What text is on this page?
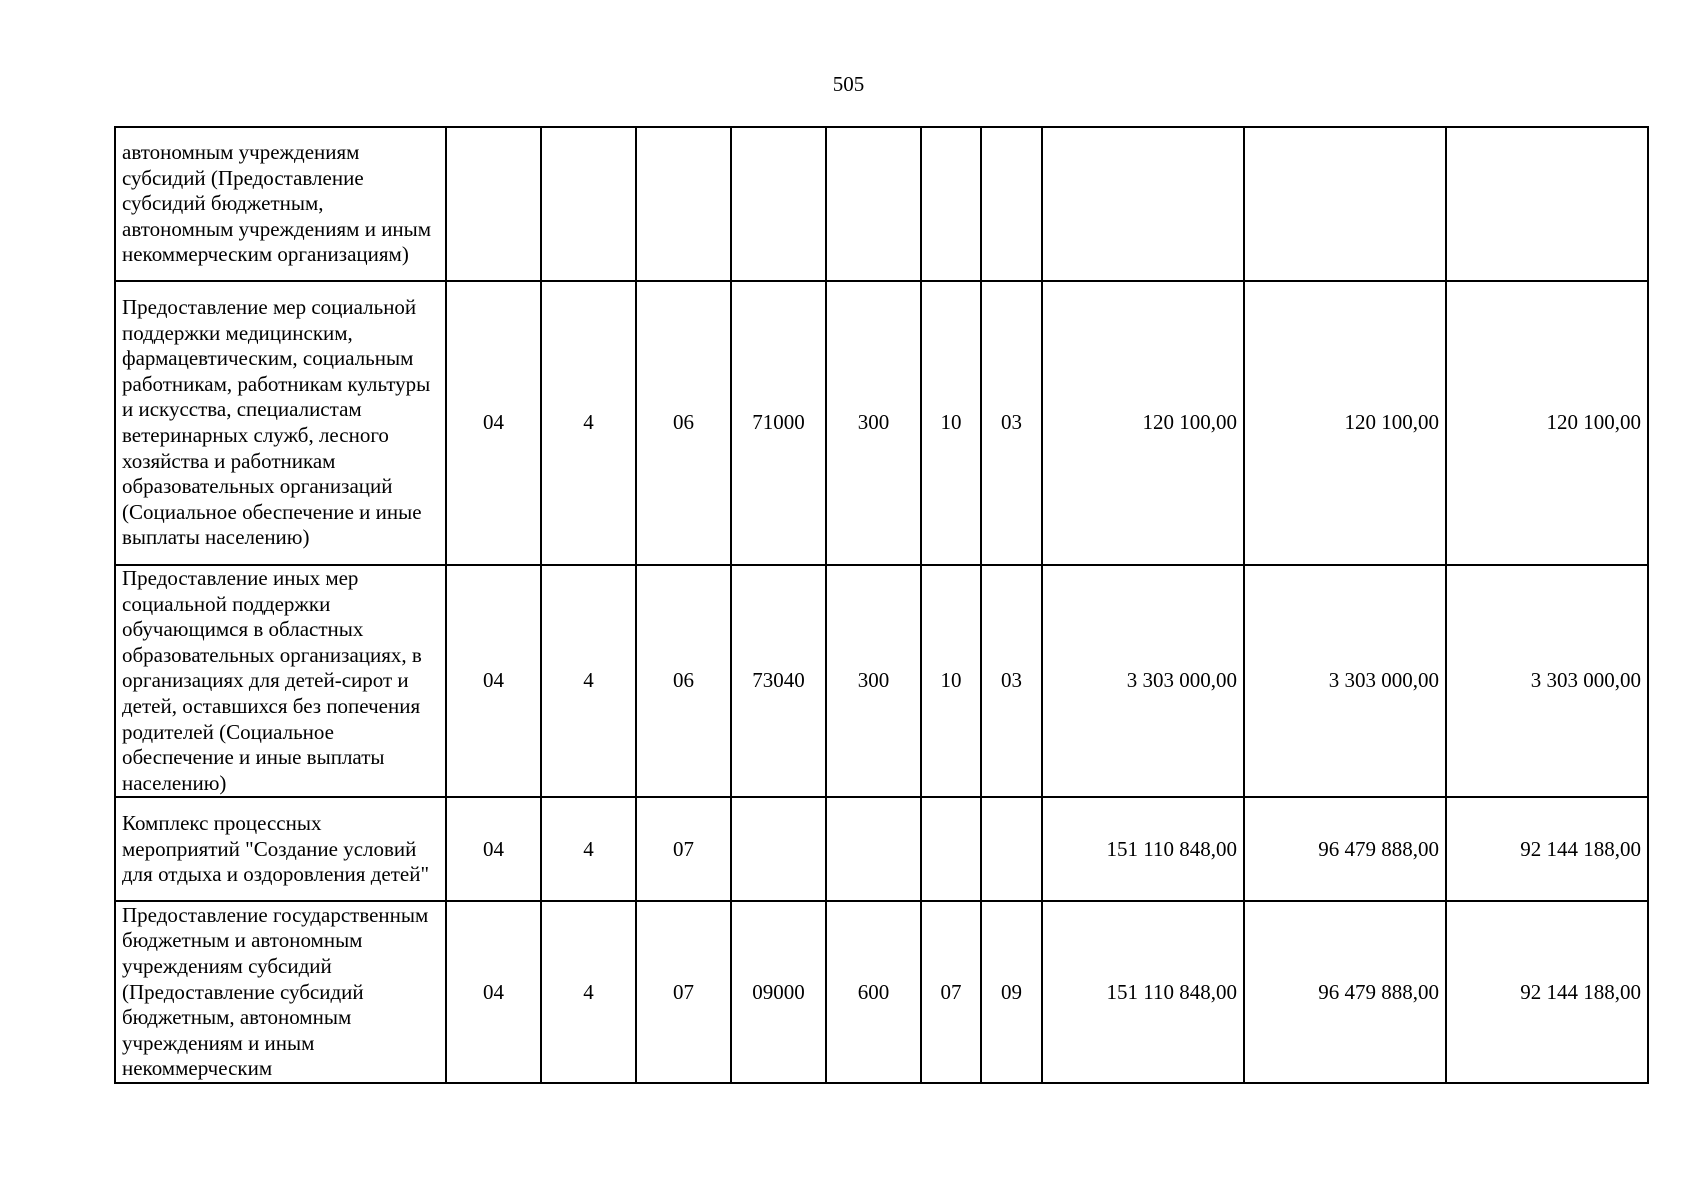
505
автономным учреждениям субсидий (Предоставление субсидий бюджетным, автономным учреждениям и иным некоммерческим организациям)										
Предоставление мер социальной поддержки медицинским, фармацевтическим, социальным работникам, работникам культуры и искусства, специалистам ветеринарных служб, лесного хозяйства и работникам образовательных организаций (Социальное обеспечение и иные выплаты населению)	04	4	06	71000	300	10	03	120 100,00	120 100,00	120 100,00
Предоставление иных мер социальной поддержки обучающимся в областных образовательных организациях, в организациях для детей-сирот и детей, оставшихся без попечения родителей (Социальное обеспечение и иные выплаты населению)	04	4	06	73040	300	10	03	3 303 000,00	3 303 000,00	3 303 000,00
Комплекс процессных мероприятий "Создание условий для отдыха и оздоровления детей"	04	4	07					151 110 848,00	96 479 888,00	92 144 188,00
Предоставление государственным бюджетным и автономным учреждениям субсидий (Предоставление субсидий бюджетным, автономным учреждениям и иным некоммерческим	04	4	07	09000	600	07	09	151 110 848,00	96 479 888,00	92 144 188,00
